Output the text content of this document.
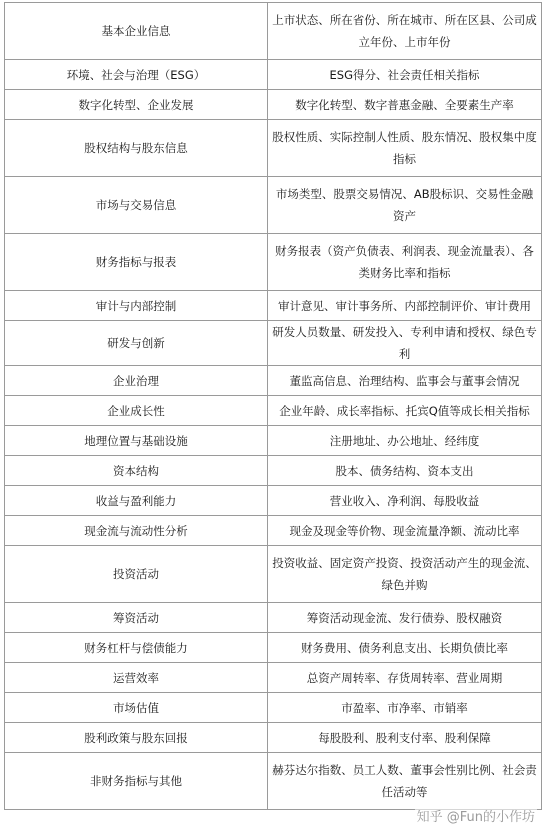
基本企业信息	上市状态、所在省份、所在城市、所在区县、公司成立年份、上市年份
环境、社会与治理（ESG）	ESG得分、社会责任相关指标
数字化转型、企业发展	数字化转型、数字普惠金融、全要素生产率
股权结构与股东信息	股权性质、实际控制人性质、股东情况、股权集中度指标
市场与交易信息	市场类型、股票交易情况、AB股标识、交易性金融资产
财务指标与报表	财务报表（资产负债表、利润表、现金流量表）、各类财务比率和指标
审计与内部控制	审计意见、审计事务所、内部控制评价、审计费用
研发与创新	研发人员数量、研发投入、专利申请和授权、绿色专利
企业治理	董监高信息、治理结构、监事会与董事会情况
企业成长性	企业年龄、成长率指标、托宾Q值等成长相关指标
地理位置与基础设施	注册地址、办公地址、经纬度
资本结构	股本、债务结构、资本支出
收益与盈利能力	营业收入、净利润、每股收益
现金流与流动性分析	现金及现金等价物、现金流量净额、流动比率
投资活动	投资收益、固定资产投资、投资活动产生的现金流、绿色并购
筹资活动	筹资活动现金流、发行债券、股权融资
财务杠杆与偿债能力	财务费用、债务利息支出、长期负债比率
运营效率	总资产周转率、存货周转率、营业周期
市场估值	市盈率、市净率、市销率
股利政策与股东回报	每股股利、股利支付率、股利保障
非财务指标与其他	赫芬达尔指数、员工人数、董事会性别比例、社会责任活动等
知乎 @Fun的小作坊
